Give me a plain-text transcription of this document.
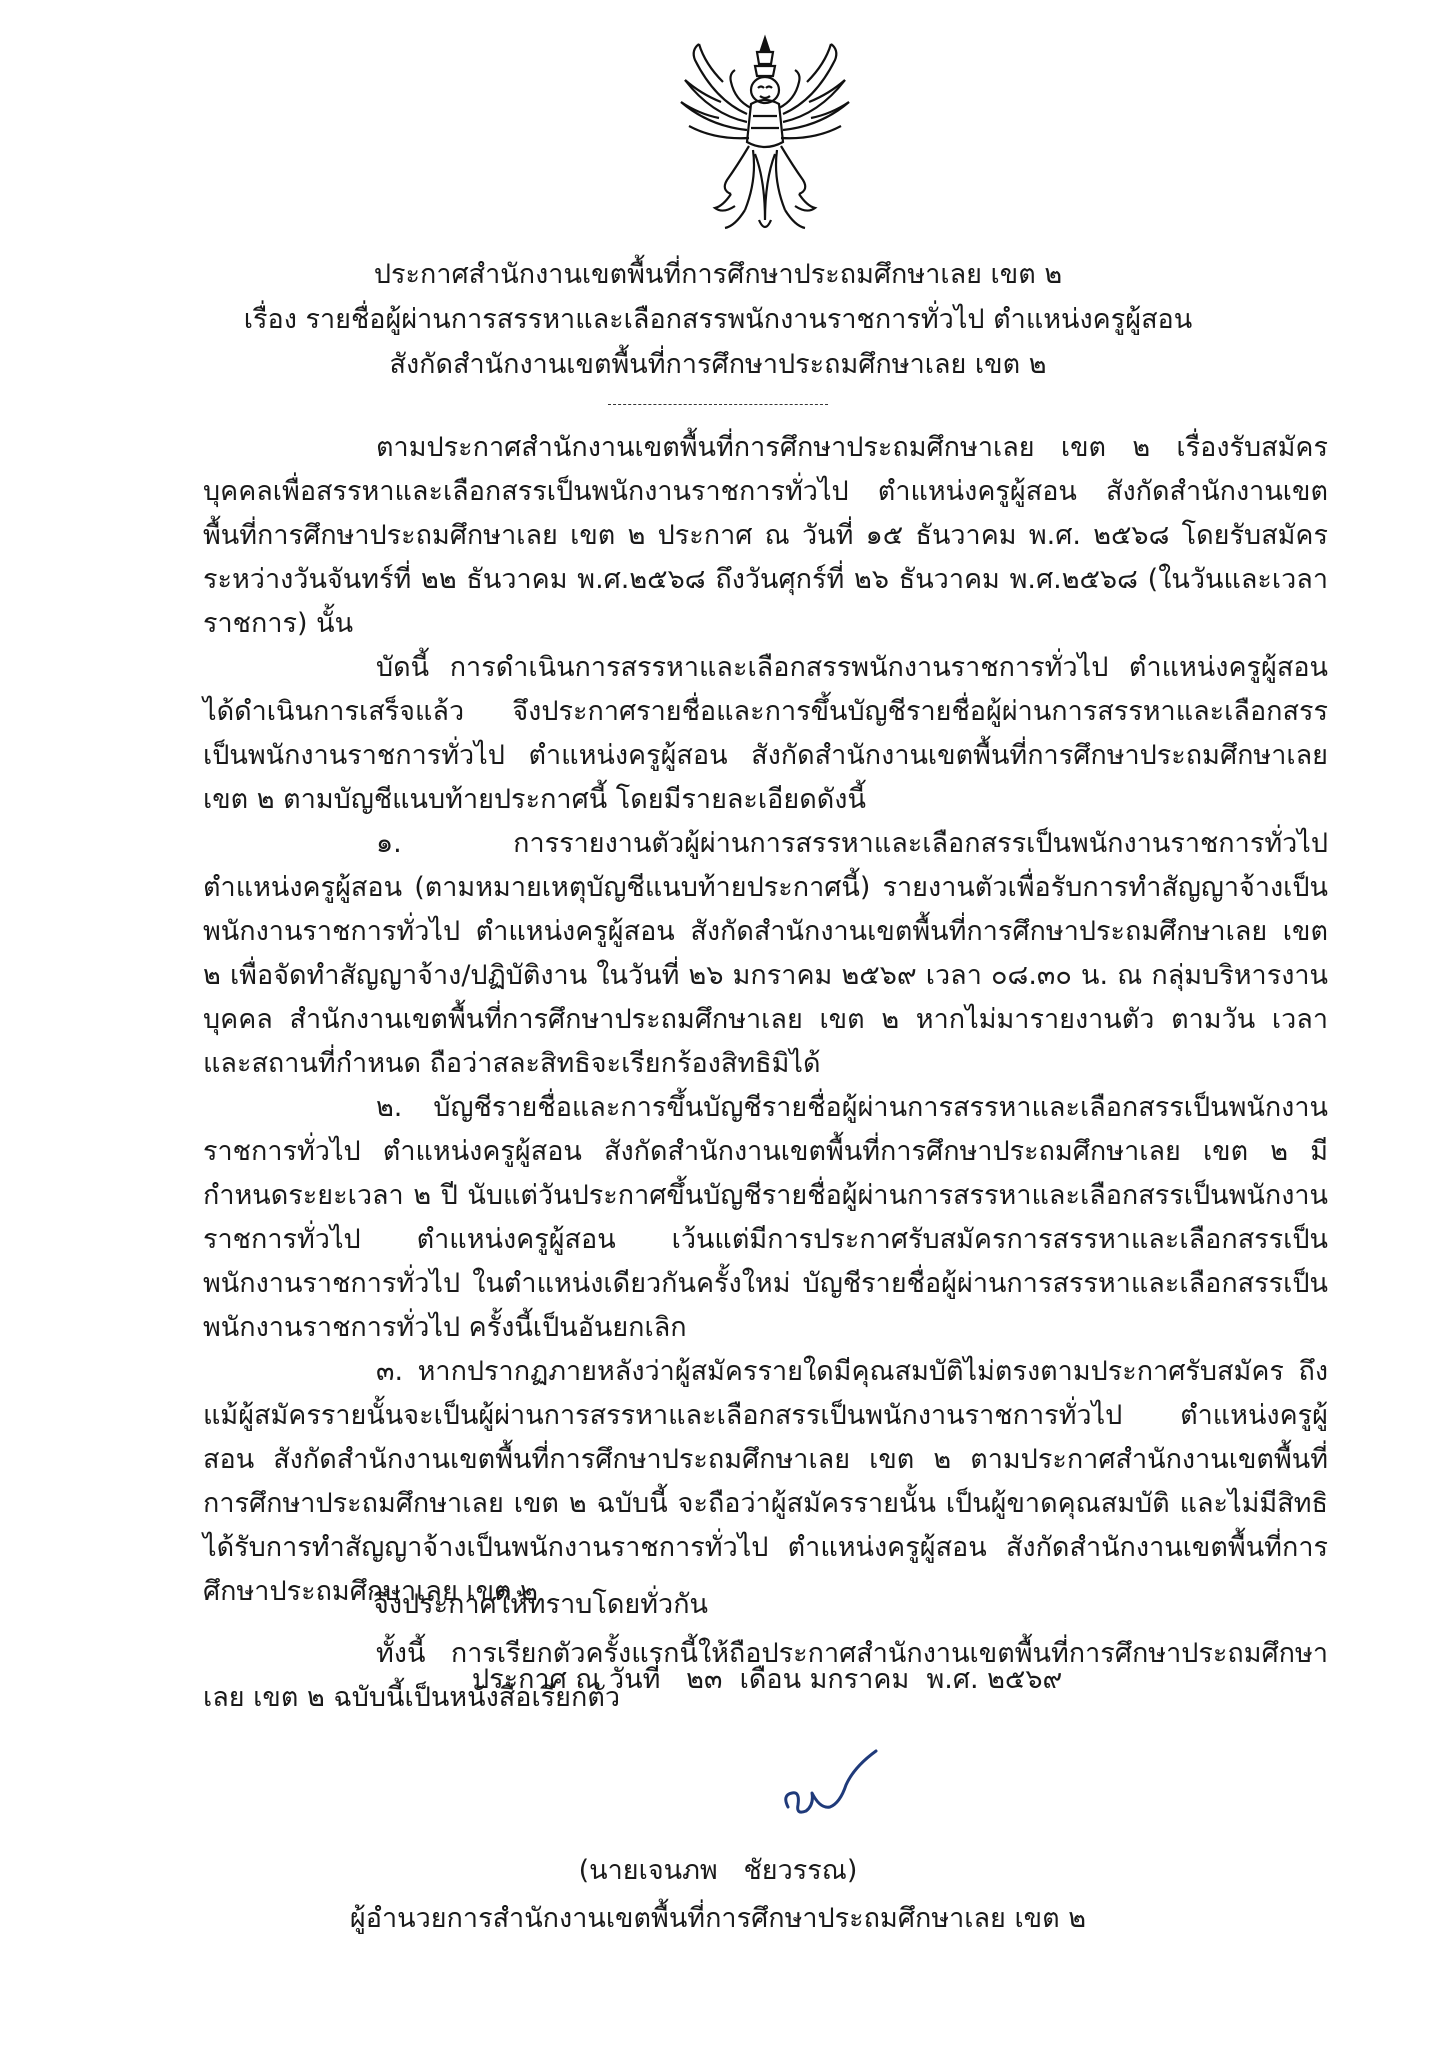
ประกาศสำนักงานเขตพื้นที่การศึกษาประถมศึกษาเลย เขต ๒
เรื่อง รายชื่อผู้ผ่านการสรรหาและเลือกสรรพนักงานราชการทั่วไป ตำแหน่งครูผู้สอน
สังกัดสำนักงานเขตพื้นที่การศึกษาประถมศึกษาเลย เขต ๒

ตามประกาศสำนักงานเขตพื้นที่การศึกษาประถมศึกษาเลย เขต ๒ เรื่องรับสมัครบุคคลเพื่อสรรหาและเลือกสรรเป็นพนักงานราชการทั่วไป ตำแหน่งครูผู้สอน สังกัดสำนักงานเขตพื้นที่การศึกษาประถมศึกษาเลย เขต ๒ ประกาศ ณ วันที่ ๑๕ ธันวาคม พ.ศ. ๒๕๖๘ โดยรับสมัครระหว่างวันจันทร์ที่ ๒๒ ธันวาคม พ.ศ.๒๕๖๘ ถึงวันศุกร์ที่ ๒๖ ธันวาคม พ.ศ.๒๕๖๘ (ในวันและเวลาราชการ) นั้น

บัดนี้ การดำเนินการสรรหาและเลือกสรรพนักงานราชการทั่วไป ตำแหน่งครูผู้สอน ได้ดำเนินการเสร็จแล้ว จึงประกาศรายชื่อและการขึ้นบัญชีรายชื่อผู้ผ่านการสรรหาและเลือกสรรเป็นพนักงานราชการทั่วไป ตำแหน่งครูผู้สอน สังกัดสำนักงานเขตพื้นที่การศึกษาประถมศึกษาเลย เขต ๒ ตามบัญชีแนบท้ายประกาศนี้ โดยมีรายละเอียดดังนี้

๑. การรายงานตัวผู้ผ่านการสรรหาและเลือกสรรเป็นพนักงานราชการทั่วไป ตำแหน่งครูผู้สอน (ตามหมายเหตุบัญชีแนบท้ายประกาศนี้) รายงานตัวเพื่อรับการทำสัญญาจ้างเป็นพนักงานราชการทั่วไป ตำแหน่งครูผู้สอน สังกัดสำนักงานเขตพื้นที่การศึกษาประถมศึกษาเลย เขต ๒ เพื่อจัดทำสัญญาจ้าง/ปฏิบัติงาน ในวันที่ ๒๖ มกราคม ๒๕๖๙ เวลา ๐๘.๓๐ น. ณ กลุ่มบริหารงานบุคคล สำนักงานเขตพื้นที่การศึกษาประถมศึกษาเลย เขต ๒ หากไม่มารายงานตัว ตามวัน เวลา และสถานที่กำหนด ถือว่าสละสิทธิจะเรียกร้องสิทธิมิได้

๒. บัญชีรายชื่อและการขึ้นบัญชีรายชื่อผู้ผ่านการสรรหาและเลือกสรรเป็นพนักงานราชการทั่วไป ตำแหน่งครูผู้สอน สังกัดสำนักงานเขตพื้นที่การศึกษาประถมศึกษาเลย เขต ๒ มีกำหนดระยะเวลา ๒ ปี นับแต่วันประกาศขึ้นบัญชีรายชื่อผู้ผ่านการสรรหาและเลือกสรรเป็นพนักงานราชการทั่วไป ตำแหน่งครูผู้สอน เว้นแต่มีการประกาศรับสมัครการสรรหาและเลือกสรรเป็นพนักงานราชการทั่วไป ในตำแหน่งเดียวกันครั้งใหม่ บัญชีรายชื่อผู้ผ่านการสรรหาและเลือกสรรเป็นพนักงานราชการทั่วไป ครั้งนี้เป็นอันยกเลิก

๓. หากปรากฏภายหลังว่าผู้สมัครรายใดมีคุณสมบัติไม่ตรงตามประกาศรับสมัคร ถึงแม้ผู้สมัครรายนั้นจะเป็นผู้ผ่านการสรรหาและเลือกสรรเป็นพนักงานราชการทั่วไป ตำแหน่งครูผู้สอน สังกัดสำนักงานเขตพื้นที่การศึกษาประถมศึกษาเลย เขต ๒ ตามประกาศสำนักงานเขตพื้นที่การศึกษาประถมศึกษาเลย เขต ๒ ฉบับนี้ จะถือว่าผู้สมัครรายนั้น เป็นผู้ขาดคุณสมบัติ และไม่มีสิทธิได้รับการทำสัญญาจ้างเป็นพนักงานราชการทั่วไป ตำแหน่งครูผู้สอน สังกัดสำนักงานเขตพื้นที่การศึกษาประถมศึกษาเลย เขต ๒

ทั้งนี้ การเรียกตัวครั้งแรกนี้ให้ถือประกาศสำนักงานเขตพื้นที่การศึกษาประถมศึกษาเลย เขต ๒ ฉบับนี้เป็นหนังสือเรียกตัว

จึงประกาศให้ทราบโดยทั่วกัน
ประกาศ ณ วันที่   ๒๓  เดือน มกราคม  พ.ศ. ๒๕๖๙
(นายเจนภพ   ชัยวรรณ)
ผู้อำนวยการสำนักงานเขตพื้นที่การศึกษาประถมศึกษาเลย เขต ๒
